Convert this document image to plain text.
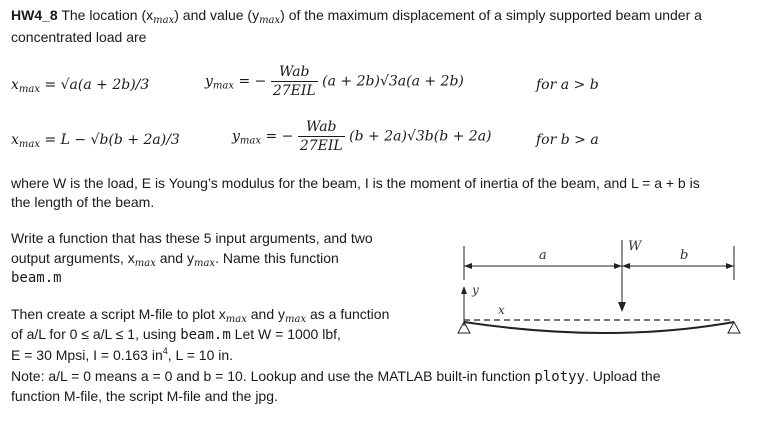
HW4_8 The location $(x_{max})$ and value $(y_{max})$ of the maximum displacement of a simply supported beam under a
concentrated load are
$x_{max} = √a(a + 2b)/3$	$y_{max}$ = − $\frac{\text{Wab}}{\text{27EIL}} (a + 2b)√3a(a + 2b)$	for a > b
$x_{max} = L - √b(b + 2a)/3$	$y_{max}$ = − $\frac{\text{Wab}}{\text{27EIL}} (b + 2a)√3b(b + 2a)$	for b > a
where W is the load, E is Young’s modulus for the beam, I is the moment of inertia of the beam, and L = a + b is
the length of the beam.
Write a function that has these 5 input arguments, and two
output arguments, $x_{max}$ and $y_{max}$. Name this function
beam.m
Then create a script M-file to plot $x_{max}$ and $y_{max}$ as a function
of a/L for 0 ≤ a/L ≤ 1, using beam.m Let W = 1000 lbf,
E = 30 Mpsi, I = 0.163 $in^4$, L = 10 in.
Note: a/L = 0 means a = 0 and b = 10. Lookup and use the MATLAB built-in function plotyy. Upload the
function M-file, the script M-file and the jpg.
a
W
b
y
x
